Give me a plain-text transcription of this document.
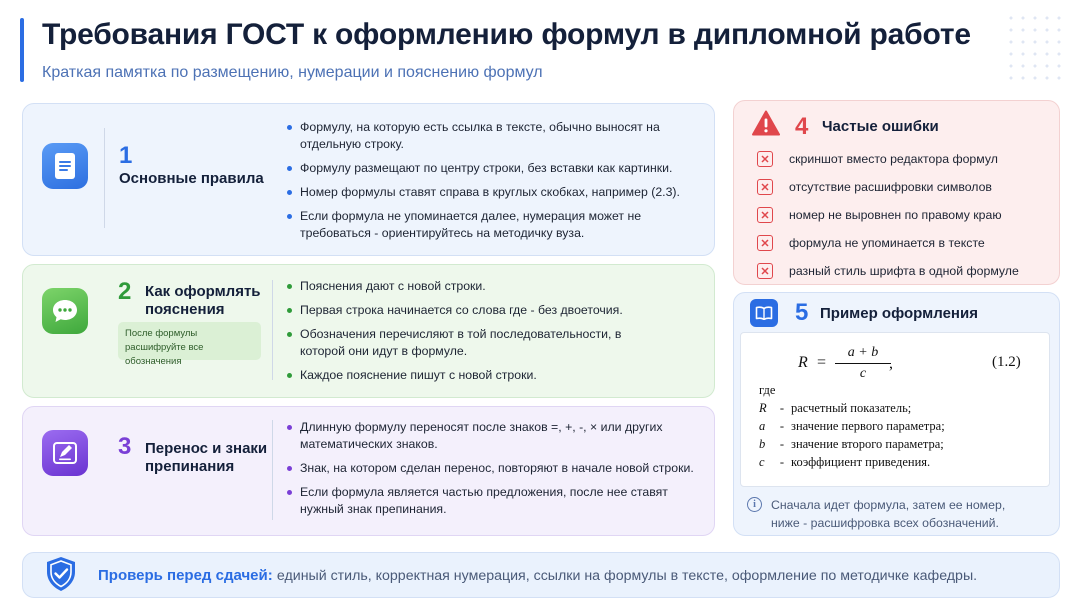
Требования ГОСТ к оформлению формул в дипломной работе
Краткая памятка по размещению, нумерации и пояснению формул
1
Основные правила
Формулу, на которую есть ссылка в тексте, обычно выносят на отдельную строку.
Формулу размещают по центру строки, без вставки как картинки.
Номер формулы ставят справа в круглых скобках, например (2.3).
Если формула не упоминается далее, нумерация может не требоваться - ориентируйтесь на методичку вуза.
2 Как оформлять пояснения
После формулы расшифруйте все обозначения
Пояснения дают с новой строки.
Первая строка начинается со слова где - без двоеточия.
Обозначения перечисляют в той последовательности, в которой они идут в формуле.
Каждое пояснение пишут с новой строки.
3 Перенос и знаки препинания
Длинную формулу переносят после знаков =, +, -, × или других математических знаков.
Знак, на котором сделан перенос, повторяют в начале новой строки.
Если формула является частью предложения, после нее ставят нужный знак препинания.
4 Частые ошибки
скриншот вместо редактора формул
отсутствие расшифровки символов
номер не выровнен по правому краю
формула не упоминается в тексте
разный стиль шрифта в одной формуле
5 Пример оформления
$R = \frac{a + b}{c}$
,	(1.2)
где
R - расчетный показатель;
a - значение первого параметра;
b - значение второго параметра;
c - коэффициент приведения.
i	Сначала идет формула, затем ее номер, ниже - расшифровка всех обозначений.
Проверь перед сдачей: единый стиль, корректная нумерация, ссылки на формулы в тексте, оформление по методичке кафедры.
